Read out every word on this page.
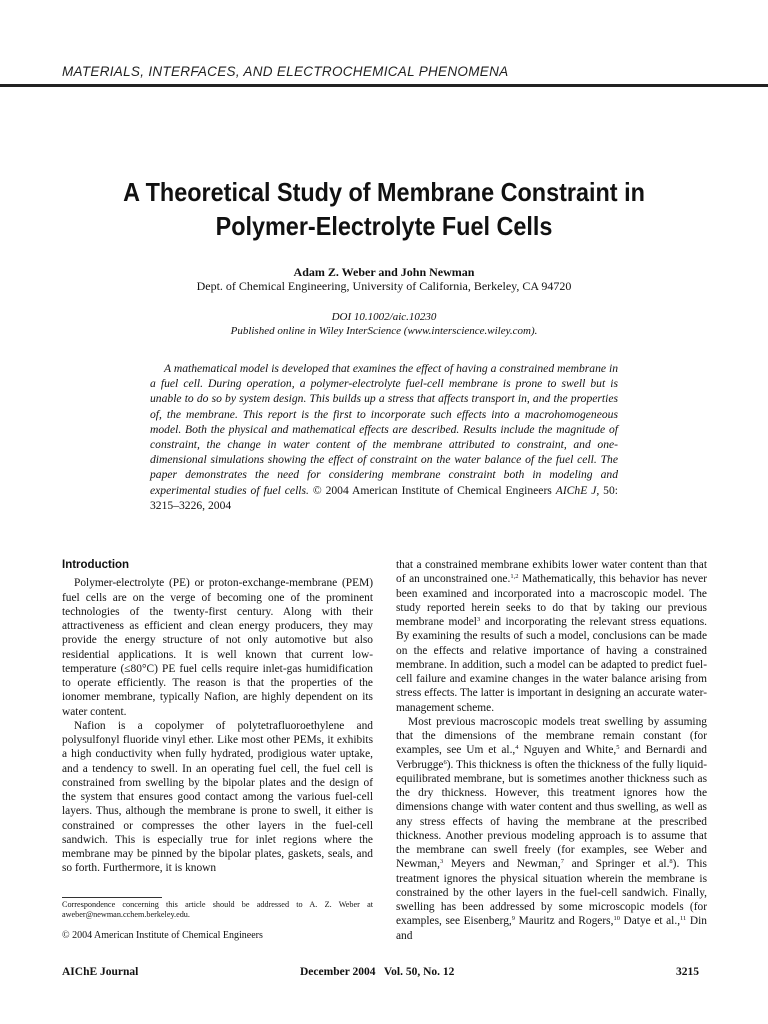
MATERIALS, INTERFACES, AND ELECTROCHEMICAL PHENOMENA
A Theoretical Study of Membrane Constraint in
Polymer-Electrolyte Fuel Cells
Adam Z. Weber and John Newman
Dept. of Chemical Engineering, University of California, Berkeley, CA 94720
DOI 10.1002/aic.10230
Published online in Wiley InterScience (www.interscience.wiley.com).

A mathematical model is developed that examines the effect of having a constrained membrane in a fuel cell. During operation, a polymer-electrolyte fuel-cell membrane is prone to swell but is unable to do so by system design. This builds up a stress that affects transport in, and the properties of, the membrane. This report is the first to incorporate such effects into a macrohomogeneous model. Both the physical and mathematical effects are described. Results include the magnitude of constraint, the change in water content of the membrane attributed to constraint, and one-dimensional simulations showing the effect of constraint on the water balance of the fuel cell. The paper demonstrates the need for considering membrane constraint both in modeling and experimental studies of fuel cells. © 2004 American Institute of Chemical Engineers AIChE J, 50: 3215–3226, 2004

Introduction

Polymer-electrolyte (PE) or proton-exchange-membrane (PEM) fuel cells are on the verge of becoming one of the prominent technologies of the twenty-first century. Along with their attractiveness as efficient and clean energy producers, they may provide the energy structure of not only automotive but also residential applications. It is well known that current low-temperature (≤80°C) PE fuel cells require inlet-gas humidification to operate efficiently. The reason is that the properties of the ionomer membrane, typically Nafion, are highly dependent on its water content.

Nafion is a copolymer of polytetrafluoroethylene and polysulfonyl fluoride vinyl ether. Like most other PEMs, it exhibits a high conductivity when fully hydrated, prodigious water uptake, and a tendency to swell. In an operating fuel cell, the fuel cell is constrained from swelling by the bipolar plates and the design of the system that ensures good contact among the various fuel-cell layers. Thus, although the membrane is prone to swell, it either is constrained or compresses the other layers in the fuel-cell sandwich. This is especially true for inlet regions where the membrane may be pinned by the bipolar plates, gaskets, seals, and so forth. Furthermore, it is known

Correspondence concerning this article should be addressed to A. Z. Weber at aweber@newman.cchem.berkeley.edu.
© 2004 American Institute of Chemical Engineers

that a constrained membrane exhibits lower water content than that of an unconstrained one.$^{1,2}$ Mathematically, this behavior has never been examined and incorporated into a macroscopic model. The study reported herein seeks to do that by taking our previous membrane model$^3$ and incorporating the relevant stress equations. By examining the results of such a model, conclusions can be made on the effects and relative importance of having a constrained membrane. In addition, such a model can be adapted to predict fuel-cell failure and examine changes in the water balance arising from stress effects. The latter is important in designing an accurate water-management scheme.

Most previous macroscopic models treat swelling by assuming that the dimensions of the membrane remain constant (for examples, see Um et al.,$^4$ Nguyen and White,$^5$ and Bernardi and Verbrugge$^6$). This thickness is often the thickness of the fully liquid-equilibrated membrane, but is sometimes another thickness such as the dry thickness. However, this treatment ignores how the dimensions change with water content and thus swelling, as well as any stress effects of having the membrane at the prescribed thickness. Another previous modeling approach is to assume that the membrane can swell freely (for examples, see Weber and Newman,$^3$ Meyers and Newman,$^7$ and Springer et al.$^8$). This treatment ignores the physical situation wherein the membrane is constrained by the other layers in the fuel-cell sandwich. Finally, swelling has been addressed by some microscopic models (for examples, see Eisenberg,$^9$ Mauritz and Rogers,$^{10}$ Datye et al.,$^{11}$ Din and

AIChE Journal	December 2004   Vol. 50, No. 12	3215
